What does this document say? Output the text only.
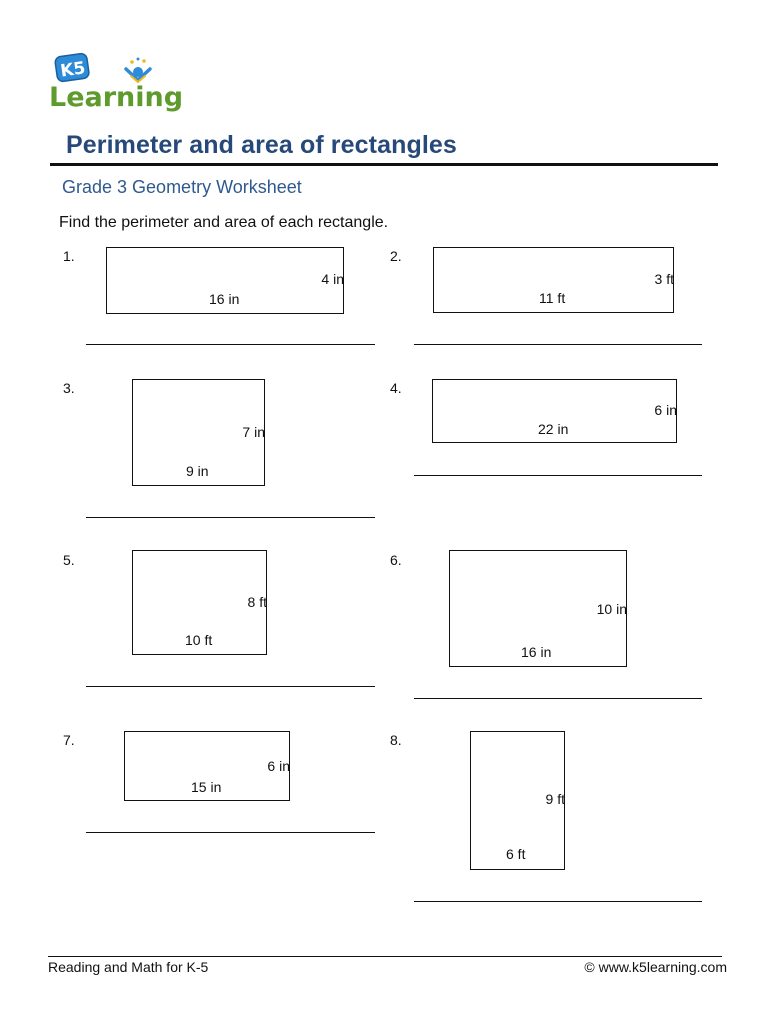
K5
Learning
Perimeter and area of rectangles
Grade 3 Geometry Worksheet
Find the perimeter and area of each rectangle.
1.
4 in
16 in
2.
3 ft
11 ft
3.
7 in
9 in
4.
6 in
22 in
5.
8 ft
10 ft
6.
10 in
16 in
7.
6 in
15 in
8.
9 ft
6 ft
Reading and Math for K-5	© www.k5learning.com
